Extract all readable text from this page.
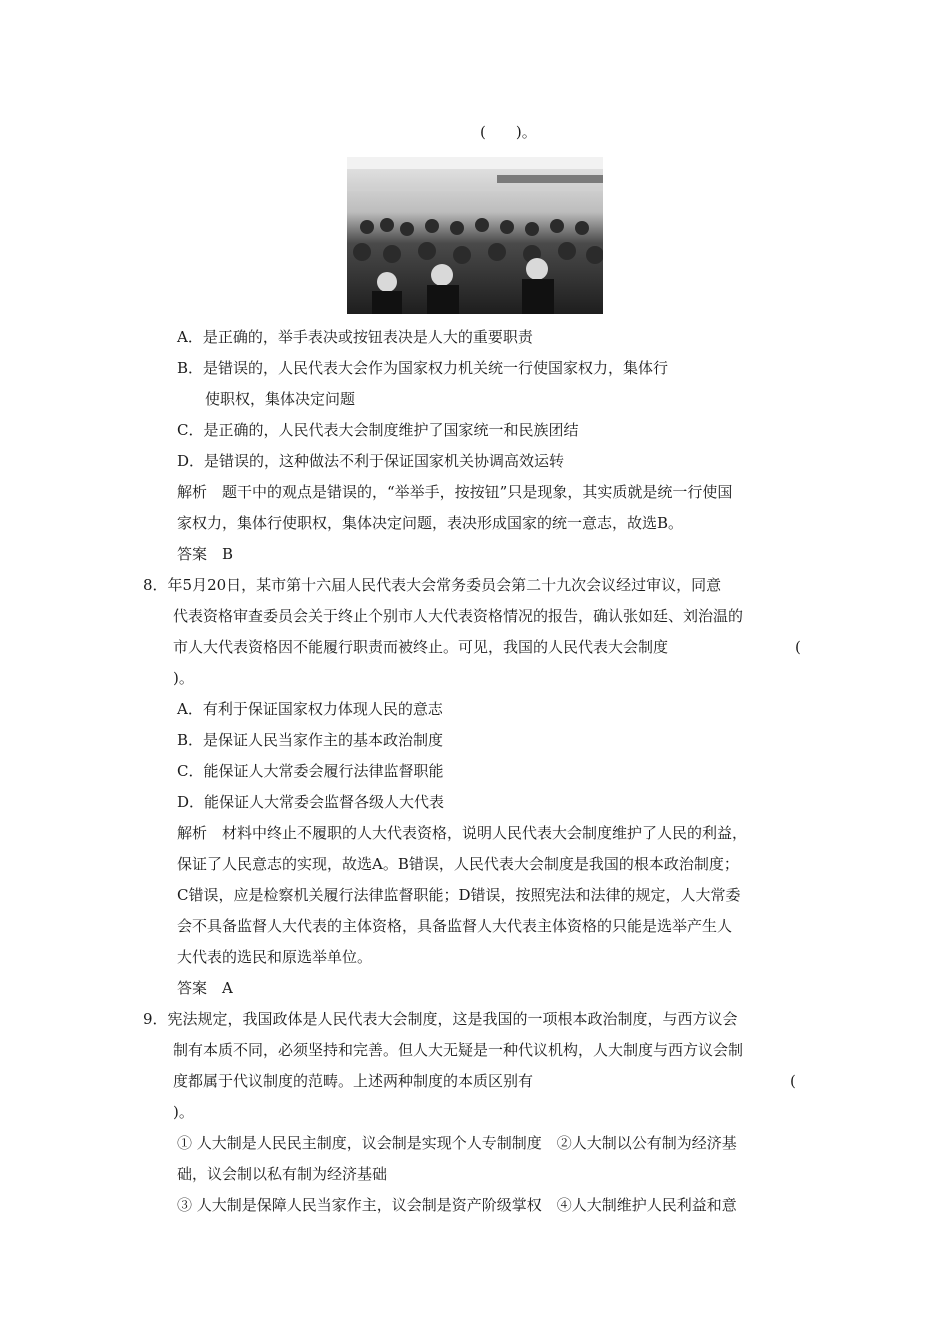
(　　)。
A．是正确的，举手表决或按钮表决是人大的重要职责
B．是错误的，人民代表大会作为国家权力机关统一行使国家权力，集体行
使职权，集体决定问题
C．是正确的，人民代表大会制度维护了国家统一和民族团结
D．是错误的，这种做法不利于保证国家机关协调高效运转
解析　题干中的观点是错误的，“举举手，按按钮”只是现象，其实质就是统一行使国
家权力，集体行使职权，集体决定问题，表决形成国家的统一意志，故选B。
答案　B
8．年5月20日，某市第十六届人民代表大会常务委员会第二十九次会议经过审议，同意
代表资格审查委员会关于终止个别市人大代表资格情况的报告，确认张如廷、刘治温的
市人大代表资格因不能履行职责而被终止。可见，我国的人民代表大会制度	(
)。
A．有利于保证国家权力体现人民的意志
B．是保证人民当家作主的基本政治制度
C．能保证人大常委会履行法律监督职能
D．能保证人大常委会监督各级人大代表
解析　材料中终止不履职的人大代表资格，说明人民代表大会制度维护了人民的利益，
保证了人民意志的实现，故选A。B错误，人民代表大会制度是我国的根本政治制度；
C错误，应是检察机关履行法律监督职能；D错误，按照宪法和法律的规定，人大常委
会不具备监督人大代表的主体资格，具备监督人大代表主体资格的只能是选举产生人
大代表的选民和原选举单位。
答案　A
9．宪法规定，我国政体是人民代表大会制度，这是我国的一项根本政治制度，与西方议会
制有本质不同，必须坚持和完善。但人大无疑是一种代议机构，人大制度与西方议会制
度都属于代议制度的范畴。上述两种制度的本质区别有	(
)。
① 人大制是人民民主制度，议会制是实现个人专制制度　②人大制以公有制为经济基
础，议会制以私有制为经济基础
③ 人大制是保障人民当家作主，议会制是资产阶级掌权　④人大制维护人民利益和意
